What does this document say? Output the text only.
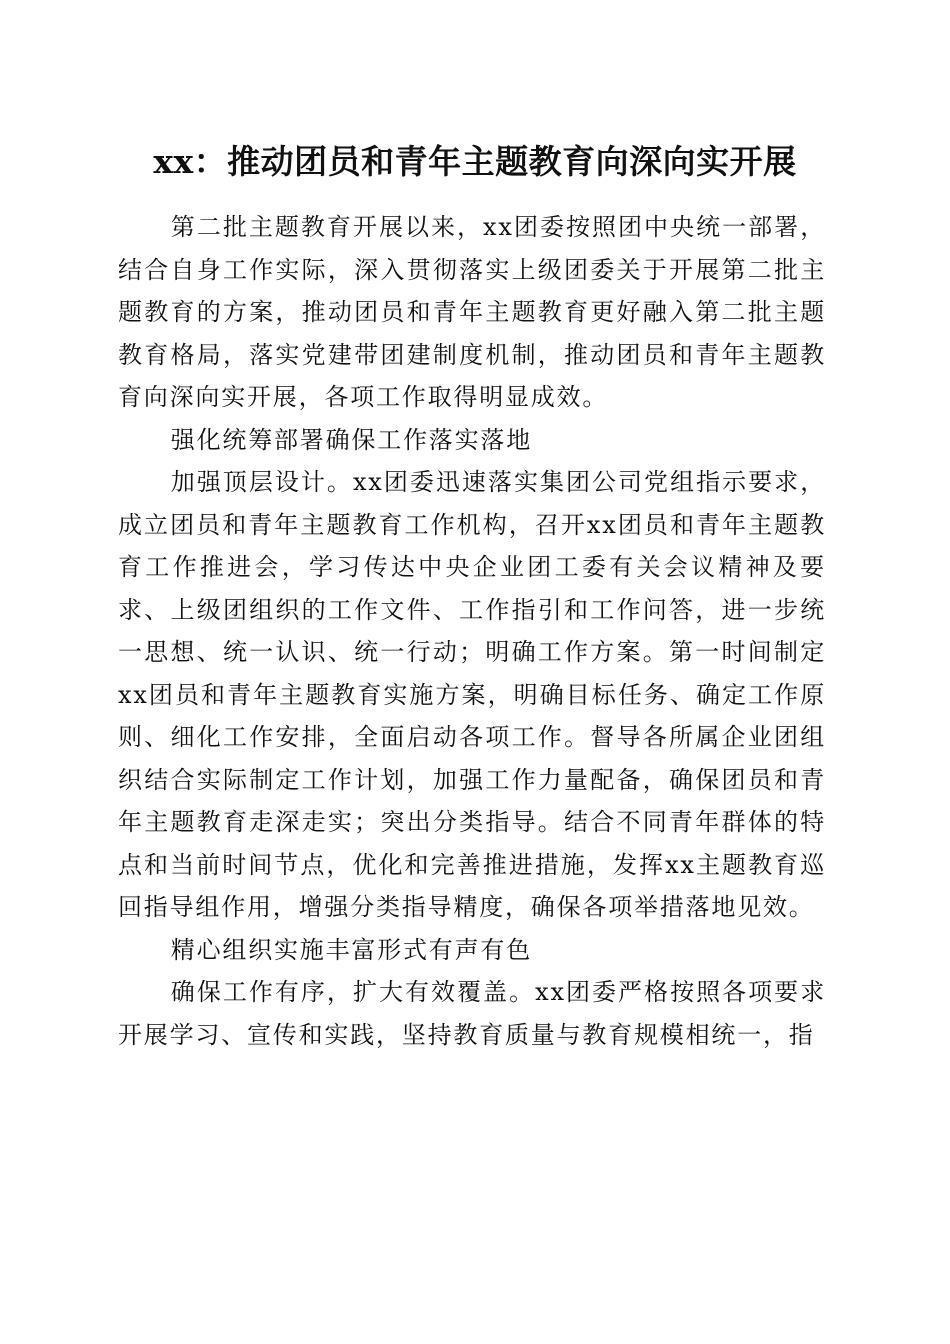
xx：推动团员和青年主题教育向深向实开展

第二批主题教育开展以来，xx团委按照团中央统一部署，结合自身工作实际，深入贯彻落实上级团委关于开展第二批主题教育的方案，推动团员和青年主题教育更好融入第二批主题教育格局，落实党建带团建制度机制，推动团员和青年主题教育向深向实开展，各项工作取得明显成效。

强化统筹部署确保工作落实落地

加强顶层设计。xx团委迅速落实集团公司党组指示要求，成立团员和青年主题教育工作机构，召开xx团员和青年主题教育工作推进会，学习传达中央企业团工委有关会议精神及要求、上级团组织的工作文件、工作指引和工作问答，进一步统一思想、统一认识、统一行动；明确工作方案。第一时间制定xx团员和青年主题教育实施方案，明确目标任务、确定工作原则、细化工作安排，全面启动各项工作。督导各所属企业团组织结合实际制定工作计划，加强工作力量配备，确保团员和青年主题教育走深走实；突出分类指导。结合不同青年群体的特点和当前时间节点，优化和完善推进措施，发挥xx主题教育巡回指导组作用，增强分类指导精度，确保各项举措落地见效。

精心组织实施丰富形式有声有色

确保工作有序，扩大有效覆盖。xx团委严格按照各项要求开展学习、宣传和实践，坚持教育质量与教育规模相统一，指
